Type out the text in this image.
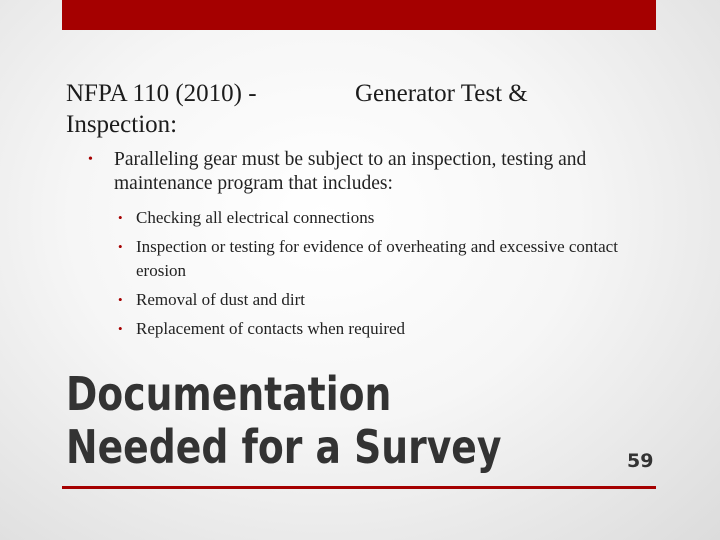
NFPA 110 (2010) -
Inspection:
Generator Test &
• Paralleling gear must be subject to an inspection, testing and maintenance program that includes:
• Checking all electrical connections
• Inspection or testing for evidence of overheating and excessive contact erosion
• Removal of dust and dirt
• Replacement of contacts when required
Documentation
Needed for a Survey	59
